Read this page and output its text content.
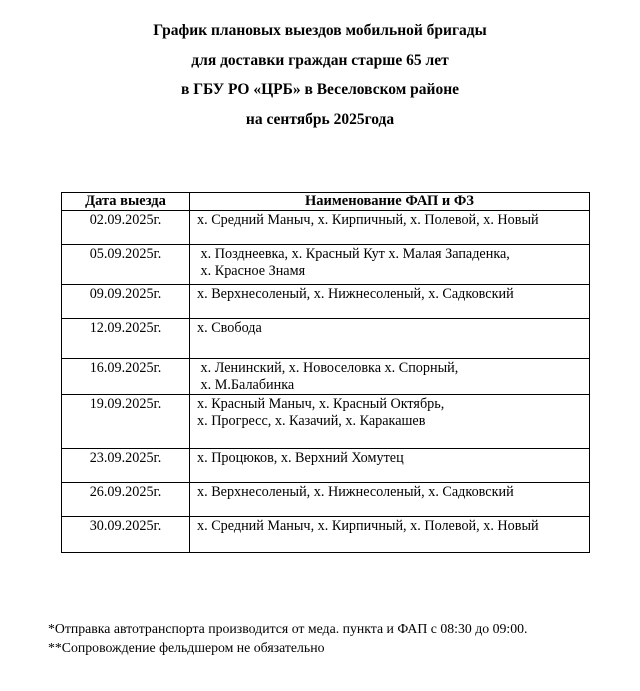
График плановых выездов мобильной бригады
для доставки граждан старше 65 лет
в ГБУ РО «ЦРБ» в Веселовском районе
на сентябрь 2025года
Дата выезда	Наименование ФАП и ФЗ
02.09.2025г.	х. Средний Маныч, х. Кирпичный, х. Полевой, х. Новый

05.09.2025г.	х. Позднеевка, х. Красный Кут х. Малая Западенка,
х. Красное Знамя

09.09.2025г.	х. Верхнесоленый, х. Нижнесоленый, х. Садковский

12.09.2025г.	х. Свобода

16.09.2025г.	х. Ленинский, х. Новоселовка х. Спорный,
х. М.Балабинка

19.09.2025г.	х. Красный Маныч, х. Красный Октябрь,
х. Прогресс, х. Казачий, х. Каракашев

23.09.2025г.	х. Процюков, х. Верхний Хомутец

26.09.2025г.	х. Верхнесоленый, х. Нижнесоленый, х. Садковский

30.09.2025г.	х. Средний Маныч, х. Кирпичный, х. Полевой, х. Новый
*Отправка автотранспорта производится от меда. пункта и ФАП с 08:30 до 09:00.
**Сопровождение фельдшером не обязательно
